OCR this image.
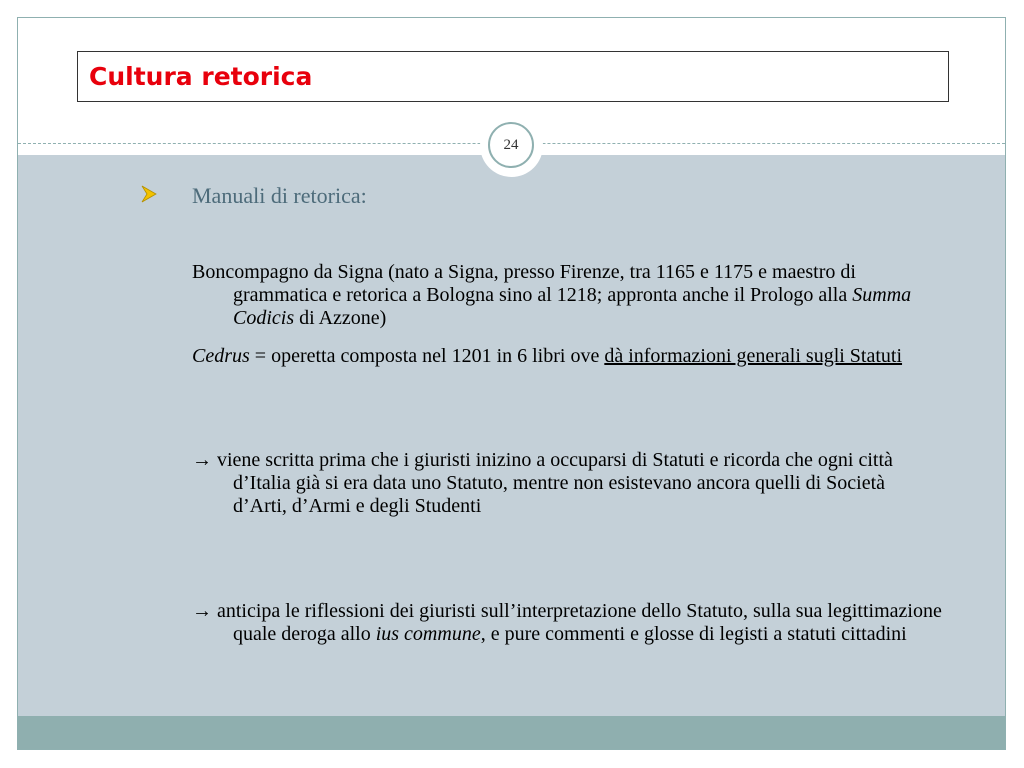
Cultura retorica
24
Manuali di retorica:
Boncompagno da Signa (nato a Signa, presso Firenze, tra 1165 e 1175 e maestro di grammatica e retorica a Bologna sino al 1218; approntа anche il Prologo alla Summa Codicis di Azzone)
Cedrus = operetta composta nel 1201 in 6 libri ove dà informazioni generali sugli Statuti
→ viene scritta prima che i giuristi inizino a occuparsi di Statuti e ricorda che ogni città d’Italia già si era data uno Statuto, mentre non esistevano ancora quelli di Società d’Arti, d’Armi e degli Studenti
→ anticipa le riflessioni dei giuristi sull’interpretazione dello Statuto, sulla sua legittimazione quale deroga allo ius commune, e pure commenti e glosse di legisti a statuti cittadini
